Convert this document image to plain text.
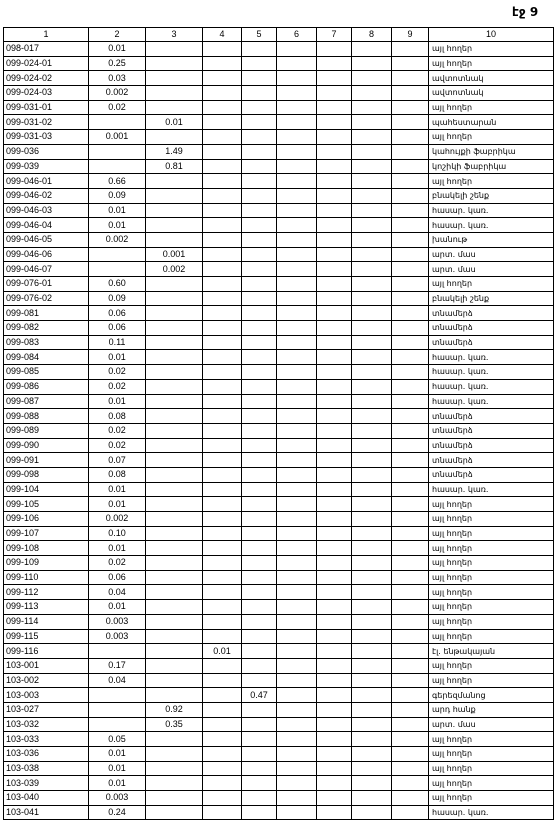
էջ 9
1	2	3	4	5	6	7	8	9	10
098-017	0.01								այլ հողեր
099-024-01	0.25								այլ հողեր
099-024-02	0.03								ավտոտնակ
099-024-03	0.002								ավտոտնակ
099-031-01	0.02								այլ հողեր
099-031-02		0.01							պահեստարան
099-031-03	0.001								այլ հողեր
099-036		1.49							կահույքի ֆաբրիկա
099-039		0.81							կոշիկի ֆաբրիկա
099-046-01	0.66								այլ հողեր
099-046-02	0.09								բնակելի շենք
099-046-03	0.01								հասար. կառ.
099-046-04	0.01								հասար. կառ.
099-046-05	0.002								խանութ
099-046-06		0.001							արտ. մաս
099-046-07		0.002							արտ. մաս
099-076-01	0.60								այլ հողեր
099-076-02	0.09								բնակելի շենք
099-081	0.06								տնամերձ
099-082	0.06								տնամերձ
099-083	0.11								տնամերձ
099-084	0.01								հասար. կառ.
099-085	0.02								հասար. կառ.
099-086	0.02								հասար. կառ.
099-087	0.01								հասար. կառ.
099-088	0.08								տնամերձ
099-089	0.02								տնամերձ
099-090	0.02								տնամերձ
099-091	0.07								տնամերձ
099-098	0.08								տնամերձ
099-104	0.01								հասար. կառ.
099-105	0.01								այլ հողեր
099-106	0.002								այլ հողեր
099-107	0.10								այլ հողեր
099-108	0.01								այլ հողեր
099-109	0.02								այլ հողեր
099-110	0.06								այլ հողեր
099-112	0.04								այլ հողեր
099-113	0.01								այլ հողեր
099-114	0.003								այլ հողեր
099-115	0.003								այլ հողեր
099-116			0.01						էլ. ենթակայան
103-001	0.17								այլ հողեր
103-002	0.04								այլ հողեր
103-003				0.47					գերեզմանոց
103-027		0.92							արդ հանք
103-032		0.35							արտ. մաս
103-033	0.05								այլ հողեր
103-036	0.01								այլ հողեր
103-038	0.01								այլ հողեր
103-039	0.01								այլ հողեր
103-040	0.003								այլ հողեր
103-041	0.24								հասար. կառ.
